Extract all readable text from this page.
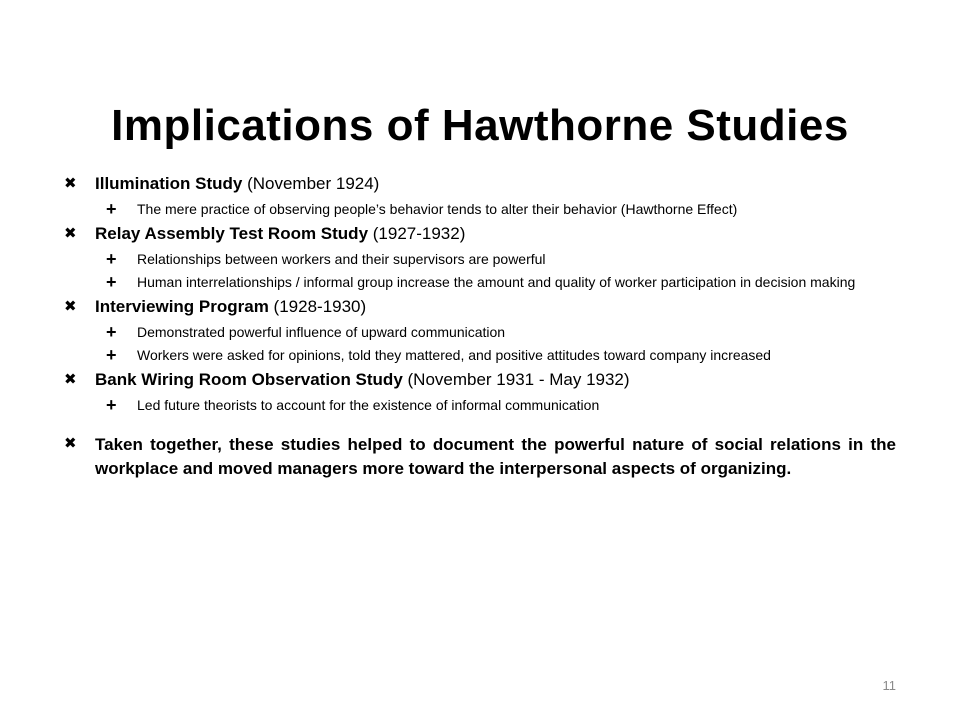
Implications of Hawthorne Studies
✖ Illumination Study (November 1924)
+ The mere practice of observing people’s behavior tends to alter their behavior (Hawthorne Effect)
✖ Relay Assembly Test Room Study (1927-1932)
+ Relationships between workers and their supervisors are powerful
+ Human interrelationships / informal group increase the amount and quality of worker participation in decision making
✖ Interviewing Program (1928-1930)
+ Demonstrated powerful influence of upward communication
+ Workers were asked for opinions, told they mattered, and positive attitudes toward company increased
✖ Bank Wiring Room Observation Study (November 1931 - May 1932)
+ Led future theorists to account for the existence of informal communication
✖ Taken together, these studies helped to document the powerful nature of social relations in the workplace and moved managers more toward the interpersonal aspects of organizing.
11
